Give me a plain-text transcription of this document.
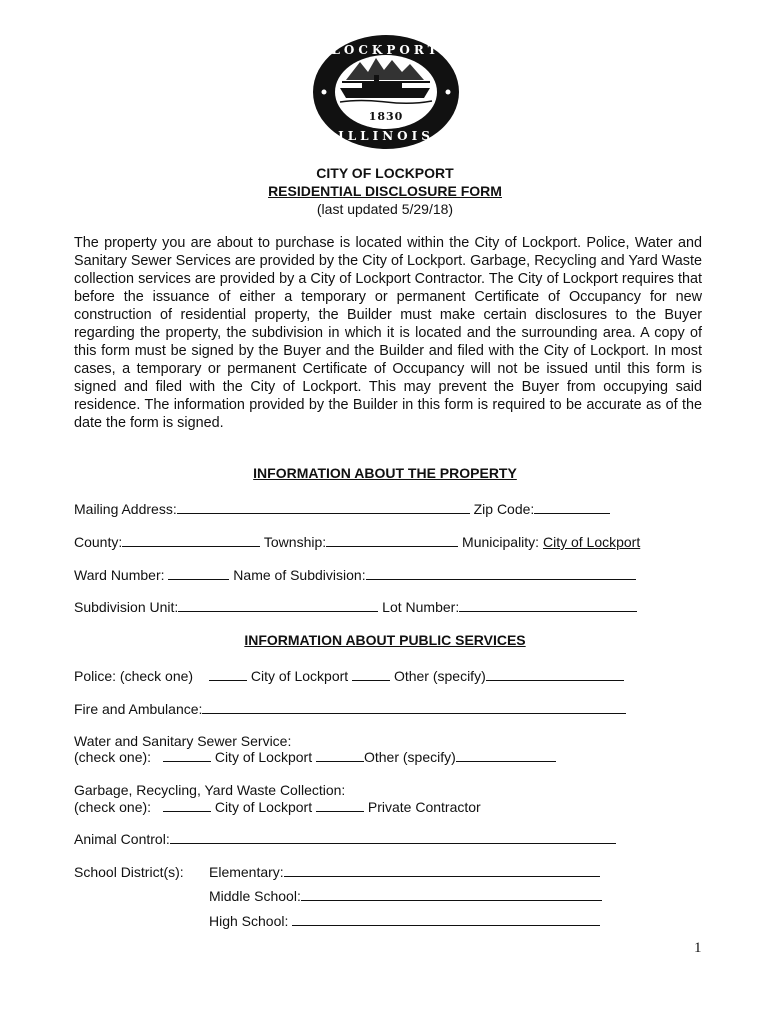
LOCKPORT
ILLINOIS
1830
CITY OF LOCKPORT
RESIDENTIAL DISCLOSURE FORM
(last updated 5/29/18)

The property you are about to purchase is located within the City of Lockport. Police, Water and Sanitary Sewer Services are provided by the City of Lockport. Garbage, Recycling and Yard Waste collection services are provided by a City of Lockport Contractor. The City of Lockport requires that before the issuance of either a temporary or permanent Certificate of Occupancy for new construction of residential property, the Builder must make certain disclosures to the Buyer regarding the property, the subdivision in which it is located and the surrounding area. A copy of this form must be signed by the Buyer and the Builder and filed with the City of Lockport. In most cases, a temporary or permanent Certificate of Occupancy will not be issued until this form is signed and filed with the City of Lockport. This may prevent the Buyer from occupying said residence. The information provided by the Builder in this form is required to be accurate as of the date the form is signed.

INFORMATION ABOUT THE PROPERTY
Mailing Address:	Zip Code:
County:	Township:	Municipality: City of Lockport
Ward Number:	Name of Subdivision:
Subdivision Unit:	Lot Number:
INFORMATION ABOUT PUBLIC SERVICES
Police: (check one)	City of Lockport	Other (specify)
Fire and Ambulance:
Water and Sanitary Sewer Service:
(check one):	City of Lockport	Other (specify)
Garbage, Recycling, Yard Waste Collection:
(check one):	City of Lockport	Private Contractor
Animal Control:
School District(s): Elementary:
Middle School:
High School:
1
